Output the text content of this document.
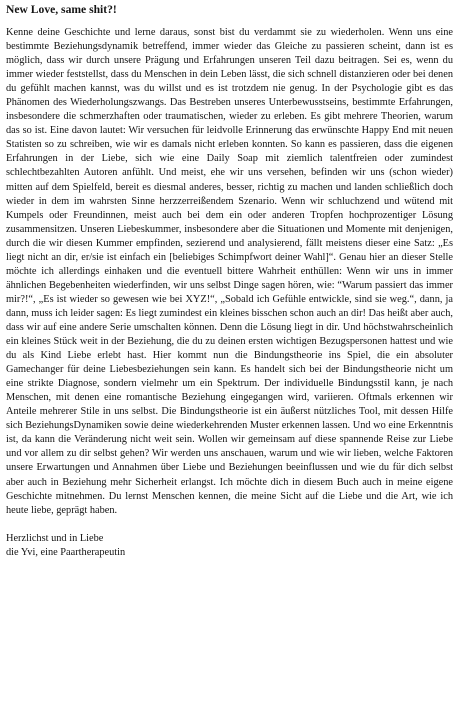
New Love, same shit?!

Kenne deine Geschichte und lerne daraus, sonst bist du verdammt sie zu wiederholen. Wenn uns eine bestimmte Beziehungsdynamik betreffend, immer wieder das Gleiche zu passieren scheint, dann ist es möglich, dass wir durch unsere Prägung und Erfahrungen unseren Teil dazu beitragen. Sei es, wenn du immer wieder feststellst, dass du Menschen in dein Leben lässt, die sich schnell distanzieren oder bei denen du gefühlt machen kannst, was du willst und es ist trotzdem nie genug. In der Psychologie gibt es das Phänomen des Wiederholungszwangs. Das Bestreben unseres Unterbewusstseins, bestimmte Erfahrungen, insbesondere die schmerzhaften oder traumatischen, wieder zu erleben. Es gibt mehrere Theorien, warum das so ist. Eine davon lautet: Wir versuchen für leidvolle Erinnerung das erwünschte Happy End mit neuen Statisten so zu schreiben, wie wir es damals nicht erleben konnten. So kann es passieren, dass die eigenen Erfahrungen in der Liebe, sich wie eine Daily Soap mit ziemlich talentfreien oder zumindest schlechtbezahlten Autoren anfühlt. Und meist, ehe wir uns versehen, befinden wir uns (schon wieder) mitten auf dem Spielfeld, bereit es diesmal anderes, besser, richtig zu machen und landen schließlich doch wieder in dem im wahrsten Sinne herzzerreißendem Szenario. Wenn wir schluchzend und wütend mit Kumpels oder Freundinnen, meist auch bei dem ein oder anderen Tropfen hochprozentiger Lösung zusammensitzen. Unseren Liebeskummer, insbesondere aber die Situationen und Momente mit denjenigen, durch die wir diesen Kummer empfinden, sezierend und analysierend, fällt meistens dieser eine Satz: „Es liegt nicht an dir, er/sie ist einfach ein [beliebiges Schimpfwort deiner Wahl]“. Genau hier an dieser Stelle möchte ich allerdings einhaken und die eventuell bittere Wahrheit enthüllen: Wenn wir uns in immer ähnlichen Begebenheiten wiederfinden, wir uns selbst Dinge sagen hören, wie: “Warum passiert das immer mir?!“, „Es ist wieder so gewesen wie bei XYZ!“, „Sobald ich Gefühle entwickle, sind sie weg.“, dann, ja dann, muss ich leider sagen: Es liegt zumindest ein kleines bisschen schon auch an dir! Das heißt aber auch, dass wir auf eine andere Serie umschalten können. Denn die Lösung liegt in dir. Und höchstwahrscheinlich ein kleines Stück weit in der Beziehung, die du zu deinen ersten wichtigen Bezugspersonen hattest und wie du als Kind Liebe erlebt hast. Hier kommt nun die Bindungstheorie ins Spiel, die ein absoluter Gamechanger für deine Liebesbeziehungen sein kann. Es handelt sich bei der Bindungstheorie nicht um eine strikte Diagnose, sondern vielmehr um ein Spektrum. Der individuelle Bindungsstil kann, je nach Menschen, mit denen eine romantische Beziehung eingegangen wird, variieren. Oftmals erkennen wir Anteile mehrerer Stile in uns selbst. Die Bindungstheorie ist ein äußerst nützliches Tool, mit dessen Hilfe sich BeziehungsDynamiken sowie deine wiederkehrenden Muster erkennen lassen. Und wo eine Erkenntnis ist, da kann die Veränderung nicht weit sein. Wollen wir gemeinsam auf diese spannende Reise zur Liebe und vor allem zu dir selbst gehen? Wir werden uns anschauen, warum und wie wir lieben, welche Faktoren unsere Erwartungen und Annahmen über Liebe und Beziehungen beeinflussen und wie du für dich selbst aber auch in Beziehung mehr Sicherheit erlangst. Ich möchte dich in diesem Buch auch in meine eigene Geschichte mitnehmen. Du lernst Menschen kennen, die meine Sicht auf die Liebe und die Art, wie ich heute liebe, geprägt haben.

Herzlichst und in Liebe
die Yvi, eine Paartherapeutin
